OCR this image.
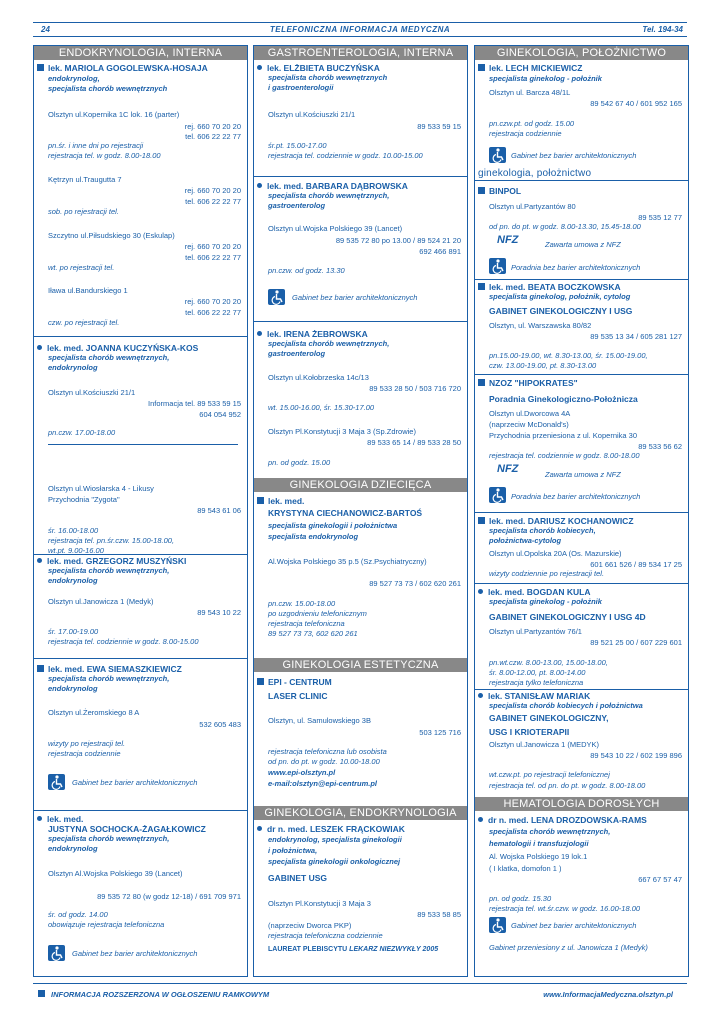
24	TELEFONICZNA INFORMACJA MEDYCZNA	Tel. 194-34
ENDOKRYNOLOGIA, INTERNA
lek. MARIOLA GOGOLEWSKA-HOSAJA
endokrynolog,
specjalista chorób wewnętrznych
Olsztyn ul.Kopernika 1C lok. 16 (parter)
rej. 660 70 20 20
tel. 606 22 22 77
pn.śr. i inne dni po rejestracji
rejestracja tel. w godz. 8.00-18.00
Kętrzyn ul.Traugutta 7
rej. 660 70 20 20
tel. 606 22 22 77
sob. po rejestracji tel.
Szczytno ul.Piłsudskiego 30 (Eskulap)
rej. 660 70 20 20
tel. 606 22 22 77
wt. po rejestracji tel.
Iława ul.Bandurskiego 1
rej. 660 70 20 20
tel. 606 22 22 77
czw. po rejestracji tel.
lek. med. JOANNA KUCZYŃSKA-KOS
specjalista chorób wewnętrznych,
endokrynolog
Olsztyn ul.Kościuszki 21/1
Informacja tel. 89 533 59 15
604 054 952
pn.czw. 17.00-18.00
Olsztyn ul.Wiosłarska 4 - Likusy
Przychodnia "Zygota"
89 543 61 06
śr. 16.00-18.00
rejestracja tel. pn.śr.czw. 15.00-18.00,
wt.pt. 9.00-16.00
lek. med. GRZEGORZ MUSZYŃSKI
specjalista chorób wewnętrznych,
endokrynolog
Olsztyn ul.Janowicza 1 (Medyk)
89 543 10 22
śr. 17.00-19.00
rejestracja tel. codziennie w godz. 8.00-15.00
lek. med. EWA SIEMASZKIEWICZ
specjalista chorób wewnętrznych,
endokrynolog
Olsztyn ul.Żeromskiego 8 A
532 605 483
wizyty po rejestracji tel.
rejestracja codziennie
Gabinet bez barier architektonicznych
lek. med.
JUSTYNA SOCHOCKA-ŻAGAŁKOWICZ
specjalista chorób wewnętrznych,
endokrynolog
Olsztyn Al.Wojska Polskiego 39 (Lancet)
89 535 72 80 (w godz 12-18) / 691 709 971
śr. od godz. 14.00
obowiązuje rejestracja telefoniczna
Gabinet bez barier architektonicznych
GASTROENTEROLOGIA, INTERNA
lek. ELŻBIETA BUCZYŃSKA
specjalista chorób wewnętrznych
i gastroenterologii
Olsztyn ul.Kościuszki 21/1
89 533 59 15
śr.pt. 15.00-17.00
rejestracja tel. codziennie w godz. 10.00-15.00
lek. med. BARBARA DĄBROWSKA
specjalista chorób wewnętrznych,
gastroenterolog
Olsztyn ul.Wojska Polskiego 39 (Lancet)
89 535 72 80 po 13.00 / 89 524 21 20
692 466 891
pn.czw. od godz. 13.30
Gabinet bez barier architektonicznych
lek. IRENA ŻEBROWSKA
specjalista chorób wewnętrznych,
gastroenterolog
Olsztyn ul.Kołobrzeska 14c/13
89 533 28 50 / 503 716 720
wt. 15.00-16.00, śr. 15.30-17.00
Olsztyn Pl.Konstytucji 3 Maja 3 (Sp.Zdrowie)
89 533 65 14 / 89 533 28 50
pn. od godz. 15.00
GINEKOLOGIA DZIECIĘCA
lek. med.
KRYSTYNA CIECHANOWICZ-BARTOŚ
specjalista ginekologii i położnictwa
specjalista endokrynolog
Al.Wojska Polskiego 35 p.5 (Sz.Psychiatryczny)
89 527 73 73 / 602 620 261
pn.czw. 15.00-18.00
po uzgodnieniu telefonicznym
rejestracja telefoniczna
89 527 73 73, 602 620 261
GINEKOLOGIA ESTETYCZNA
EPI - CENTRUM
LASER CLINIC
Olsztyn, ul. Samulowskiego 3B
503 125 716
rejestracja telefoniczna lub osobista
od pn. do pt. w godz. 10.00-18.00
www.epi-olsztyn.pl
e-mail:olsztyn@epi-centrum.pl
GINEKOLOGIA, ENDOKRYNOLOGIA
dr n. med. LESZEK FRĄCKOWIAK
endokrynolog, specjalista ginekologii
i położnictwa,
specjalista ginekologii onkologicznej
GABINET USG
Olsztyn Pl.Konstytucji 3 Maja 3
89 533 58 85
(naprzeciw Dworca PKP)
rejestracja telefoniczna codziennie
LAUREAT PLEBISCYTU LEKARZ NIEZWYKŁY 2005
GINEKOLOGIA, POŁOŻNICTWO
lek. LECH MICKIEWICZ
specjalista ginekolog - położnik
Olsztyn ul. Barcza 48/1L
89 542 67 40 / 601 952 165
pn.czw.pt. od godz. 15.00
rejestracja codziennie
Gabinet bez barier architektonicznych
ginekologia, położnictwo
BINPOL
Olsztyn ul.Partyzantów 80
89 535 12 77
od pn. do pt. w godz. 8.00-13.30, 15.45-18.00
NFZ	Zawarta umowa z NFZ
Poradnia bez barier architektonicznych
lek. med. BEATA BOCZKOWSKA
specjalista ginekolog, położnik, cytolog
GABINET GINEKOLOGICZNY I USG
Olsztyn, ul. Warszawska 80/82
89 535 13 34 / 605 281 127
pn.15.00-19.00, wt. 8.30-13.00, śr. 15.00-19.00,
czw. 13.00-19.00, pt. 8.30-13.00
NZOZ "HIPOKRATES"
Poradnia Ginekologiczno-Położnicza
Olsztyn ul.Dworcowa 4A
(naprzeciw McDonald's)
Przychodnia przeniesiona z ul. Kopernika 30
89 533 56 62
rejestracja tel. codziennie w godz. 8.00-18.00
NFZ	Zawarta umowa z NFZ
Poradnia bez barier architektonicznych
lek. med. DARIUSZ KOCHANOWICZ
specjalista chorób kobiecych,
położnictwa-cytolog
Olsztyn ul.Opolska 20A (Os. Mazurskie)
601 661 526 / 89 534 17 25
wizyty codziennie po rejestracji tel.
lek. med. BOGDAN KULA
specjalista ginekolog - położnik
GABINET GINEKOLOGICZNY I USG 4D
Olsztyn ul.Partyzantów 76/1
89 521 25 00 / 607 229 601
pn.wt.czw. 8.00-13.00, 15.00-18.00,
śr. 8.00-12.00, pt. 8.00-14.00
rejestracja tylko telefoniczna
lek. STANISŁAW MARIAK
specjalista chorób kobiecych i położnictwa
GABINET GINEKOLOGICZNY,
USG I KRIOTERAPII
Olsztyn ul.Janowicza 1 (MEDYK)
89 543 10 22 / 602 199 896
wt.czw.pt. po rejestracji telefonicznej
rejestracja tel. od pn. do pt. w godz. 8.00-18.00
HEMATOLOGIA DOROSŁYCH
dr n. med. LENA DROZDOWSKA-RAMS
specjalista chorób wewnętrznych,
hematologii i transfuzjologii
Al. Wojska Polskiego 19 lok.1
( I klatka, domofon 1 )
667 67 57 47
pn. od godz. 15.30
rejestracja tel. wt.śr.czw. w godz. 16.00-18.00
Gabinet bez barier architektonicznych
Gabinet przeniesiony z ul. Janowicza 1 (Medyk)
INFORMACJA ROZSZERZONA W OGŁOSZENIU RAMKOWYM	www.InformacjaMedyczna.olsztyn.pl
